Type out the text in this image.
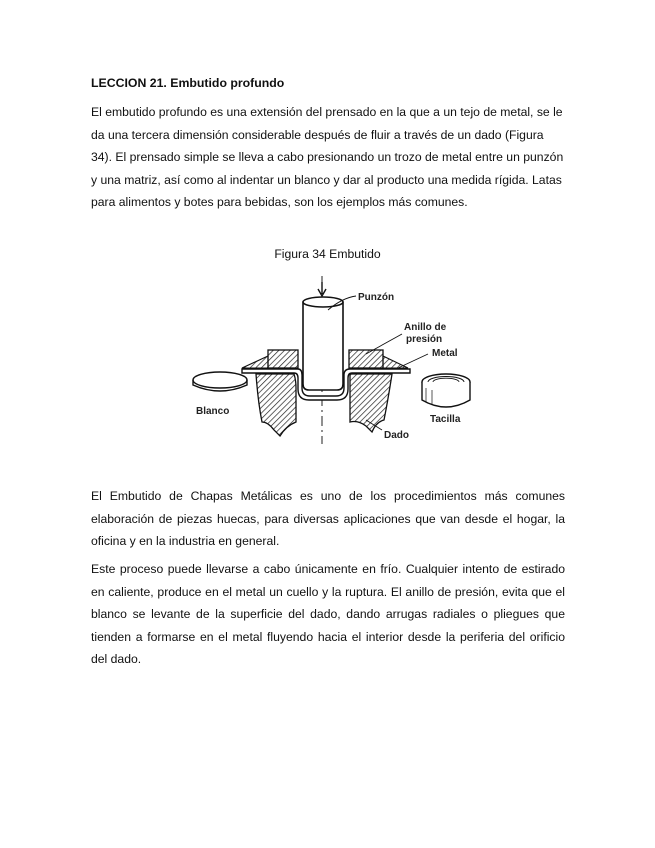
LECCION 21. Embutido profundo

El embutido profundo es una extensión del prensado en la que a un tejo de metal, se le da una tercera dimensión considerable después de fluir a través de un dado (Figura 34). El prensado simple se lleva a cabo presionando un trozo de metal entre un punzón y una matriz, así como al indentar un blanco y dar al producto una medida rígida. Latas para alimentos y botes para bebidas, son los ejemplos más comunes.

Figura 34 Embutido
Punzón
Anillo de
presión
Metal
Blanco
Tacilla
Dado

El Embutido de Chapas Metálicas es uno de los procedimientos más comunes elaboración de piezas huecas, para diversas aplicaciones que van desde el hogar, la oficina y en la industria en general.

Este proceso puede llevarse a cabo únicamente en frío. Cualquier intento de estirado en caliente, produce en el metal un cuello y la ruptura. El anillo de presión, evita que el blanco se levante de la superficie del dado, dando arrugas radiales o pliegues que tienden a formarse en el metal fluyendo hacia el interior desde la periferia del orificio del dado.
